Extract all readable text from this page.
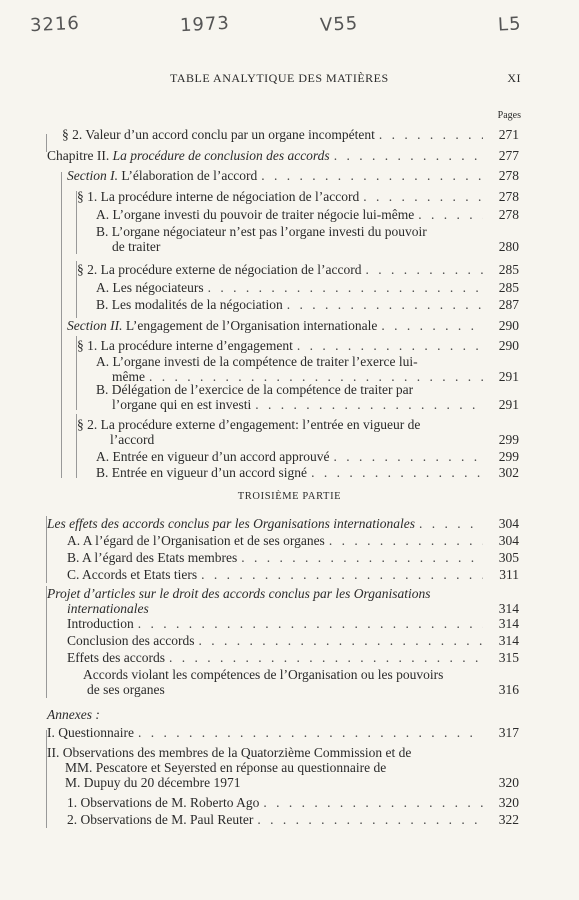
3216	1973	V55	L5
TABLE ANALYTIQUE DES MATIÈRES	XI
Pages
TROISIÈME PARTIE
§ 2. Valeur d’un accord conclu par un organe incompétent . . .	271
Chapitre II. La procédure de conclusion des accords . . .	277
Section I. L’élaboration de l’accord . . .	278
§ 1. La procédure interne de négociation de l’accord . . .	278
A. L’organe investi du pouvoir de traiter négocie lui-même . . .	278
B. L’organe négociateur n’est pas l’organe investi du pouvoir
de traiter	280
§ 2. La procédure externe de négociation de l’accord . . .	285
A. Les négociateurs . . .	285
B. Les modalités de la négociation . . .	287
Section II. L’engagement de l’Organisation internationale . . .	290
§ 1. La procédure interne d’engagement . . .	290
A. L’organe investi de la compétence de traiter l’exerce lui-
même . . .	291
B. Délégation de l’exercice de la compétence de traiter par
l’organe qui en est investi . . .	291
§ 2. La procédure externe d’engagement: l’entrée en vigueur de
l’accord	299
A. Entrée en vigueur d’un accord approuvé . . .	299
B. Entrée en vigueur d’un accord signé . . .	302
Les effets des accords conclus par les Organisations internationales . . .	304
A. A l’égard de l’Organisation et de ses organes . . .	304
B. A l’égard des Etats membres . . .	305
C. Accords et Etats tiers . . .	311
Projet d’articles sur le droit des accords conclus par les Organisations
internationales	314
Introduction . . .	314
Conclusion des accords . . .	314
Effets des accords . . .	315
Accords violant les compétences de l’Organisation ou les pouvoirs
de ses organes	316
Annexes :
I. Questionnaire . . .	317
II. Observations des membres de la Quatorzième Commission et de
MM. Pescatore et Seyersted en réponse au questionnaire de
M. Dupuy du 20 décembre 1971	320
1. Observations de M. Roberto Ago . . .	320
2. Observations de M. Paul Reuter . . .	322
